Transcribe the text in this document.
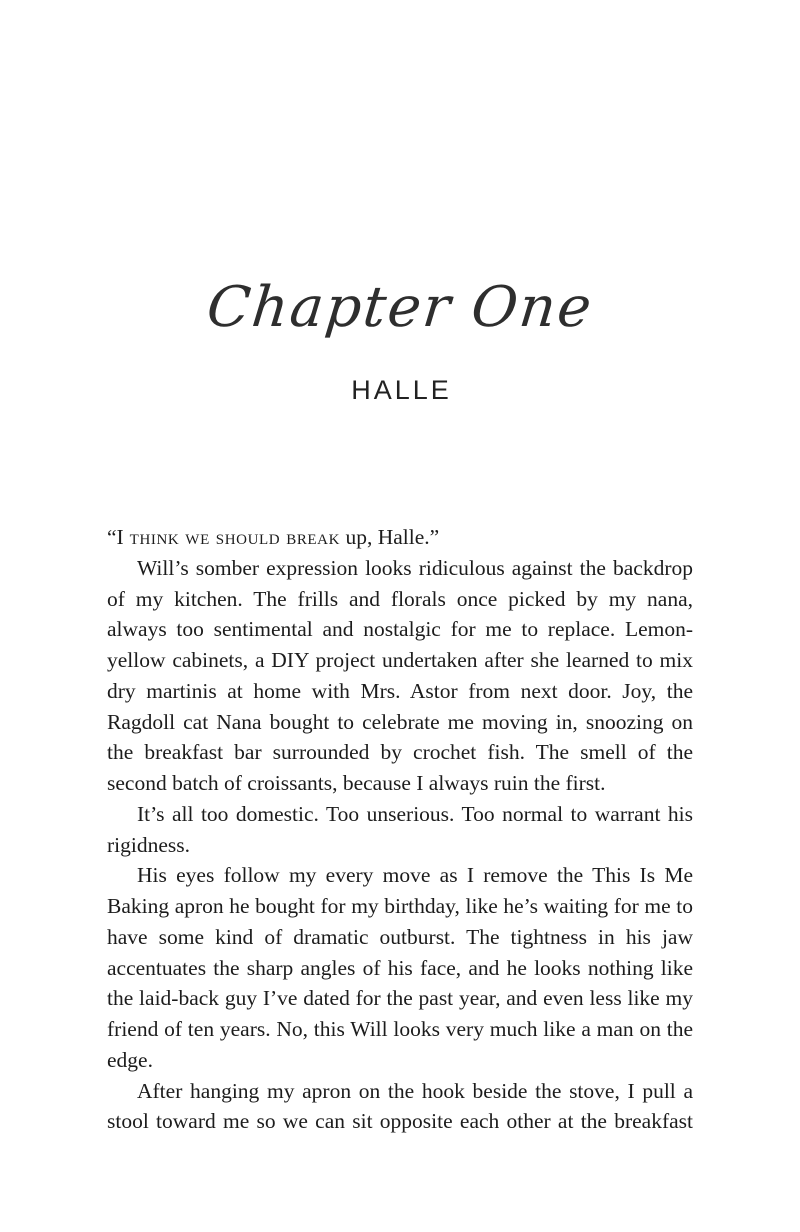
Chapter One
HALLE

“I think we should break up, Halle.”

Will’s somber expression looks ridiculous against the backdrop of my kitchen. The frills and florals once picked by my nana, always too sentimental and nostalgic for me to replace. Lemon-yellow cabinets, a DIY project undertaken after she learned to mix dry martinis at home with Mrs. Astor from next door. Joy, the Ragdoll cat Nana bought to celebrate me moving in, snoozing on the breakfast bar surrounded by crochet fish. The smell of the second batch of croissants, because I always ruin the first.

It’s all too domestic. Too unserious. Too normal to warrant his rigidness.

His eyes follow my every move as I remove the This Is Me Baking apron he bought for my birthday, like he’s waiting for me to have some kind of dramatic outburst. The tightness in his jaw accentuates the sharp angles of his face, and he looks nothing like the laid-back guy I’ve dated for the past year, and even less like my friend of ten years. No, this Will looks very much like a man on the edge.

After hanging my apron on the hook beside the stove, I pull a stool toward me so we can sit opposite each other at the breakfast
